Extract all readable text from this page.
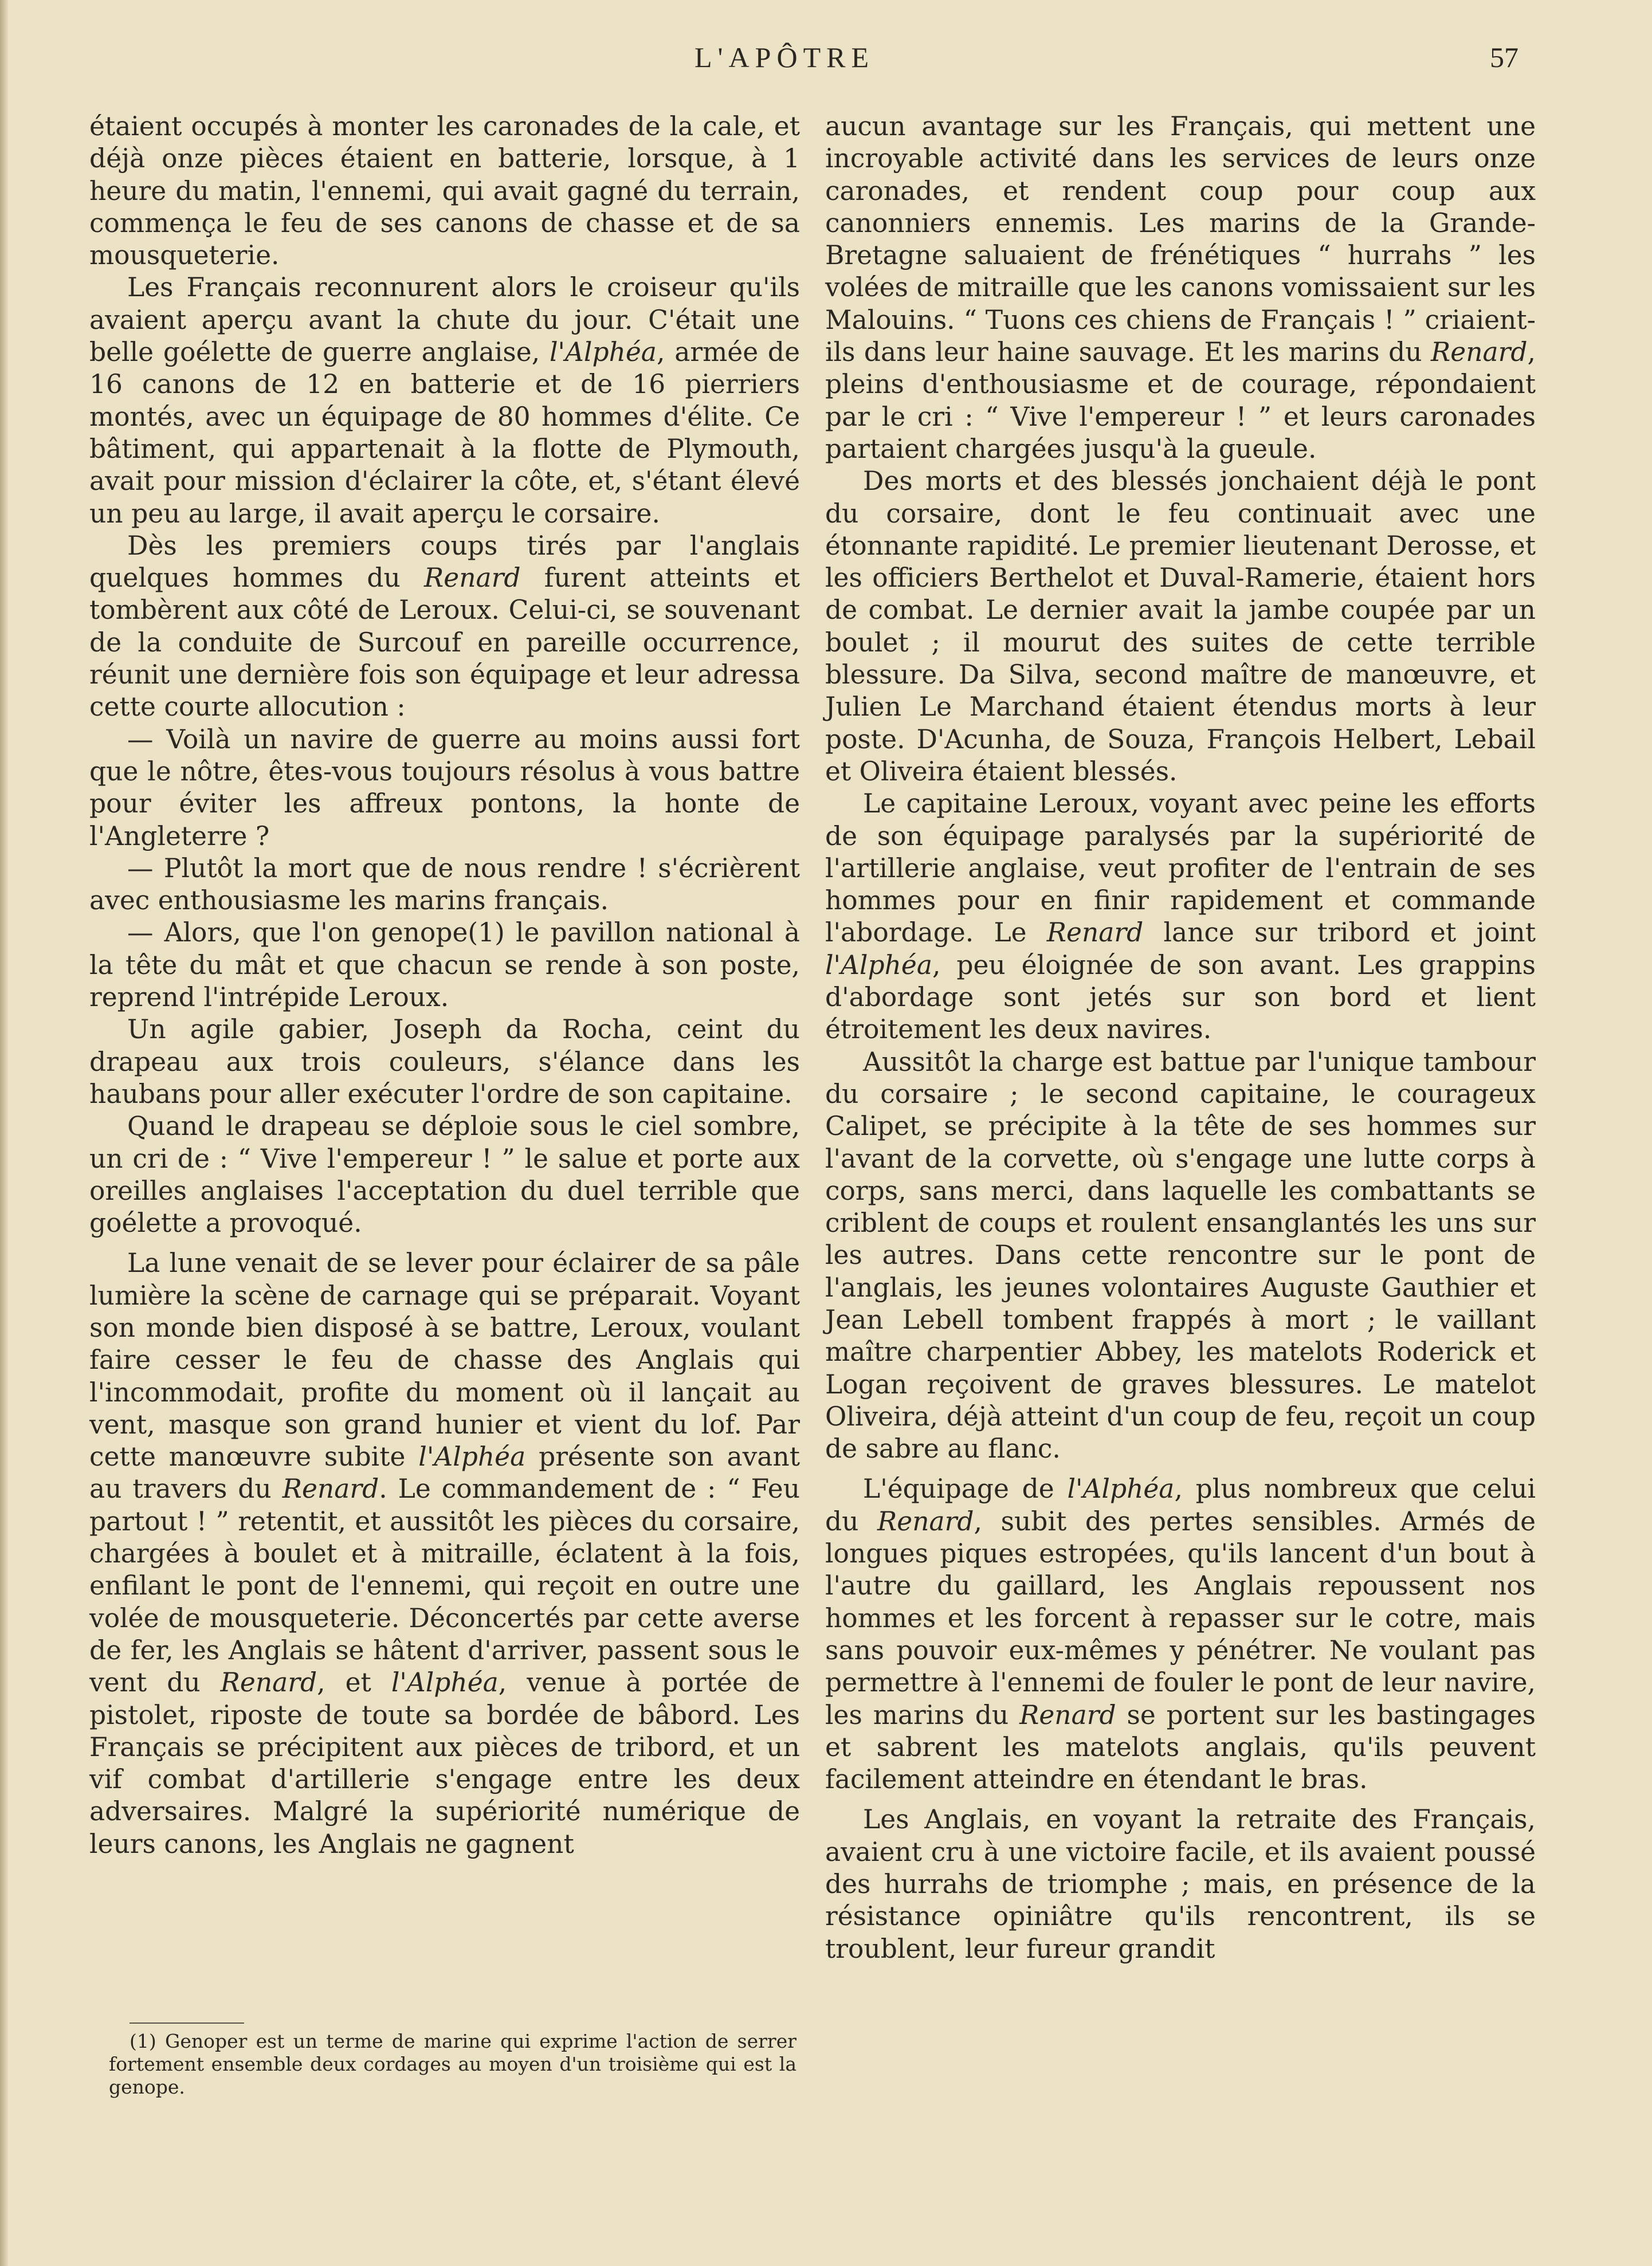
L'APÔTRE	57

étaient occupés à monter les caronades de la cale, et déjà onze pièces étaient en batterie, lorsque, à 1 heure du matin, l'ennemi, qui avait gagné du terrain, commença le feu de ses canons de chasse et de sa mousqueterie.

Les Français reconnurent alors le croiseur qu'ils avaient aperçu avant la chute du jour. C'était une belle goélette de guerre anglaise, l'Alphéa, armée de 16 canons de 12 en batterie et de 16 pierriers montés, avec un équipage de 80 hommes d'élite. Ce bâtiment, qui appartenait à la flotte de Plymouth, avait pour mission d'éclairer la côte, et, s'étant élevé un peu au large, il avait aperçu le corsaire.

Dès les premiers coups tirés par l'anglais quelques hommes du Renard furent atteints et tombèrent aux côté de Leroux. Celui-ci, se souvenant de la conduite de Surcouf en pareille occurrence, réunit une dernière fois son équipage et leur adressa cette courte allocution :

— Voilà un navire de guerre au moins aussi fort que le nôtre, êtes-vous toujours résolus à vous battre pour éviter les affreux pontons, la honte de l'Angleterre ?

— Plutôt la mort que de nous rendre ! s'écrièrent avec enthousiasme les marins français.

— Alors, que l'on genope(1) le pavillon national à la tête du mât et que chacun se rende à son poste, reprend l'intrépide Leroux.

Un agile gabier, Joseph da Rocha, ceint du drapeau aux trois couleurs, s'élance dans les haubans pour aller exécuter l'ordre de son capitaine.

Quand le drapeau se déploie sous le ciel sombre, un cri de : “ Vive l'empereur ! ” le salue et porte aux oreilles anglaises l'acceptation du duel terrible que goélette a provoqué.

La lune venait de se lever pour éclairer de sa pâle lumière la scène de carnage qui se préparait. Voyant son monde bien disposé à se battre, Leroux, voulant faire cesser le feu de chasse des Anglais qui l'incommodait, profite du moment où il lançait au vent, masque son grand hunier et vient du lof. Par cette manœuvre subite l'Alphéa présente son avant au travers du Renard. Le commandement de : “ Feu partout ! ” retentit, et aussitôt les pièces du corsaire, chargées à boulet et à mitraille, éclatent à la fois, enfilant le pont de l'ennemi, qui reçoit en outre une volée de mousqueterie. Déconcertés par cette averse de fer, les Anglais se hâtent d'arriver, passent sous le vent du Renard, et l'Alphéa, venue à portée de pistolet, riposte de toute sa bordée de bâbord. Les Français se précipitent aux pièces de tribord, et un vif combat d'artillerie s'engage entre les deux adversaires. Malgré la supériorité numérique de leurs canons, les Anglais ne gagnent

aucun avantage sur les Français, qui mettent une incroyable activité dans les services de leurs onze caronades, et rendent coup pour coup aux canonniers ennemis. Les marins de la Grande-Bretagne saluaient de frénétiques “ hurrahs ” les volées de mitraille que les canons vomissaient sur les Malouins. “ Tuons ces chiens de Français ! ” criaient-ils dans leur haine sauvage. Et les marins du Renard, pleins d'enthousiasme et de courage, répondaient par le cri : “ Vive l'empereur ! ” et leurs caronades partaient chargées jusqu'à la gueule.

Des morts et des blessés jonchaient déjà le pont du corsaire, dont le feu continuait avec une étonnante rapidité. Le premier lieutenant Derosse, et les officiers Berthelot et Duval-Ramerie, étaient hors de combat. Le dernier avait la jambe coupée par un boulet ; il mourut des suites de cette terrible blessure. Da Silva, second maître de manœuvre, et Julien Le Marchand étaient étendus morts à leur poste. D'Acunha, de Souza, François Helbert, Lebail et Oliveira étaient blessés.

Le capitaine Leroux, voyant avec peine les efforts de son équipage paralysés par la supériorité de l'artillerie anglaise, veut profiter de l'entrain de ses hommes pour en finir rapidement et commande l'abordage. Le Renard lance sur tribord et joint l'Alphéa, peu éloignée de son avant. Les grappins d'abordage sont jetés sur son bord et lient étroitement les deux navires.

Aussitôt la charge est battue par l'unique tambour du corsaire ; le second capitaine, le courageux Calipet, se précipite à la tête de ses hommes sur l'avant de la corvette, où s'engage une lutte corps à corps, sans merci, dans laquelle les combattants se criblent de coups et roulent ensanglantés les uns sur les autres. Dans cette rencontre sur le pont de l'anglais, les jeunes volontaires Auguste Gauthier et Jean Lebell tombent frappés à mort ; le vaillant maître charpentier Abbey, les matelots Roderick et Logan reçoivent de graves blessures. Le matelot Oliveira, déjà atteint d'un coup de feu, reçoit un coup de sabre au flanc.

L'équipage de l'Alphéa, plus nombreux que celui du Renard, subit des pertes sensibles. Armés de longues piques estropées, qu'ils lancent d'un bout à l'autre du gaillard, les Anglais repoussent nos hommes et les forcent à repasser sur le cotre, mais sans pouvoir eux-mêmes y pénétrer. Ne voulant pas permettre à l'ennemi de fouler le pont de leur navire, les marins du Renard se portent sur les bastingages et sabrent les matelots anglais, qu'ils peuvent facilement atteindre en étendant le bras.

Les Anglais, en voyant la retraite des Français, avaient cru à une victoire facile, et ils avaient poussé des hurrahs de triomphe ; mais, en présence de la résistance opiniâtre qu'ils rencontrent, ils se troublent, leur fureur grandit

(1) Genoper est un terme de marine qui exprime l'action de serrer fortement ensemble deux cordages au moyen d'un troisième qui est la genope.
